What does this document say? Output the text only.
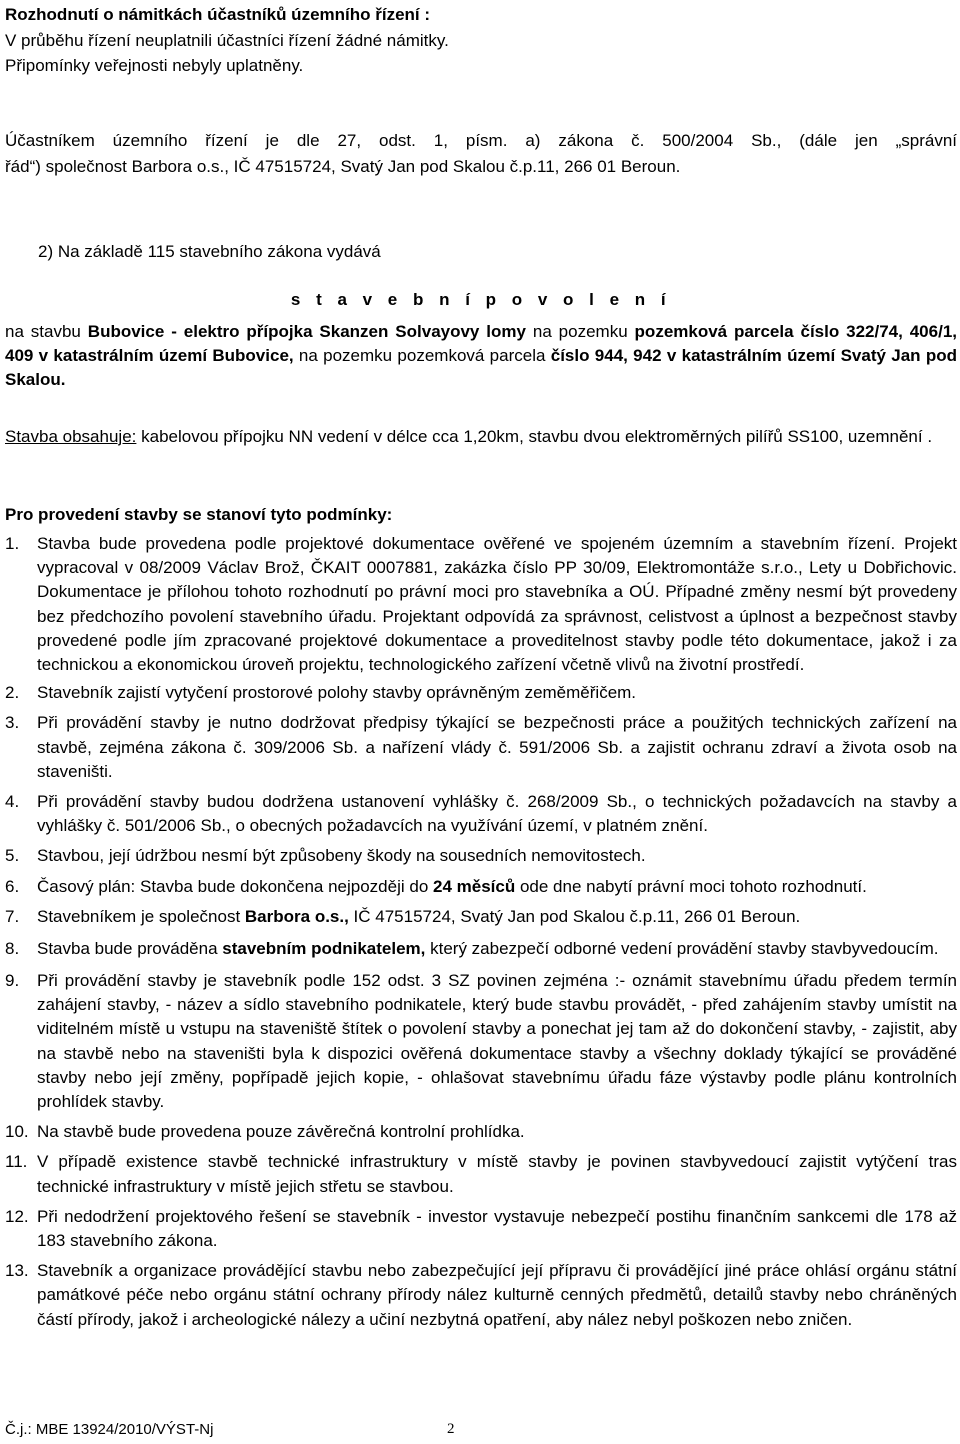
Rozhodnutí o námitkách účastníků územního řízení :

V průběhu řízení neuplatnili účastníci řízení žádné námitky.

Připomínky veřejnosti nebyly uplatněny.

Účastníkem územního řízení je dle 27, odst. 1, písm. a) zákona č. 500/2004 Sb., (dále jen „správní

řád“) společnost Barbora o.s., IČ 47515724, Svatý Jan pod Skalou č.p.11, 266 01 Beroun.

2) Na základě 115 stavebního zákona vydává

s t a v e b n í p o v o l e n í

na stavbu Bubovice - elektro přípojka Skanzen Solvayovy lomy na pozemku pozemková parcela číslo 322/74, 406/1, 409 v katastrálním území Bubovice, na pozemku pozemková parcela číslo 944, 942 v katastrálním území Svatý Jan pod Skalou.
Stavba obsahuje: kabelovou přípojku NN vedení v délce cca 1,20km, stavbu dvou elektroměrných pilířů SS100, uzemnění .

Pro provedení stavby se stanoví tyto podmínky:

1.	Stavba bude provedena podle projektové dokumentace ověřené ve spojeném územním a stavebním řízení. Projekt vypracoval v 08/2009 Václav Brož, ČKAIT 0007881, zakázka číslo PP 30/09, Elektromontáže s.r.o., Lety u Dobřichovic. Dokumentace je přílohou tohoto rozhodnutí po právní moci pro stavebníka a OÚ. Případné změny nesmí být provedeny bez předchozího povolení stavebního úřadu. Projektant odpovídá za správnost, celistvost a úplnost a bezpečnost stavby provedené podle jím zpracované projektové dokumentace a proveditelnost stavby podle této dokumentace, jakož i za technickou a ekonomickou úroveň projektu, technologického zařízení včetně vlivů na životní prostředí.
2.	Stavebník zajistí vytyčení prostorové polohy stavby oprávněným zeměměřičem.
3.	Při provádění stavby je nutno dodržovat předpisy týkající se bezpečnosti práce a použitých technických zařízení na stavbě, zejména zákona č. 309/2006 Sb. a nařízení vlády č. 591/2006 Sb. a zajistit ochranu zdraví a života osob na staveništi.
4.	Při provádění stavby budou dodržena ustanovení vyhlášky č. 268/2009 Sb., o technických požadavcích na stavby a vyhlášky č. 501/2006 Sb., o obecných požadavcích na využívání území, v platném znění.
5.	Stavbou, její údržbou nesmí být způsobeny škody na sousedních nemovitostech.
6.	Časový plán: Stavba bude dokončena nejpozději do 24 měsíců ode dne nabytí právní moci tohoto rozhodnutí.
7.	Stavebníkem je společnost Barbora o.s., IČ 47515724, Svatý Jan pod Skalou č.p.11, 266 01 Beroun.
8.	Stavba bude prováděna stavebním podnikatelem, který zabezpečí odborné vedení provádění stavby stavbyvedoucím.
9.	Při provádění stavby je stavebník podle 152 odst. 3 SZ povinen zejména :- oznámit stavebnímu úřadu předem termín zahájení stavby, - název a sídlo stavebního podnikatele, který bude stavbu provádět, - před zahájením stavby umístit na viditelném místě u vstupu na staveniště štítek o povolení stavby a ponechat jej tam až do dokončení stavby, - zajistit, aby na stavbě nebo na staveništi byla k dispozici ověřená dokumentace stavby a všechny doklady týkající se prováděné stavby nebo její změny, popřípadě jejich kopie, - ohlašovat stavebnímu úřadu fáze výstavby podle plánu kontrolních prohlídek stavby.
10. Na stavbě bude provedena pouze závěrečná kontrolní prohlídka.
11. V případě existence stavbě technické infrastruktury v místě stavby je povinen stavbyvedoucí zajistit vytýčení tras technické infrastruktury v místě jejich střetu se stavbou.
12. Při nedodržení projektového řešení se stavebník - investor vystavuje nebezpečí postihu finančním sankcemi dle 178 až 183 stavebního zákona.
13. Stavebník a organizace provádějící stavbu nebo zabezpečující její přípravu či provádějící jiné práce ohlásí orgánu státní památkové péče nebo orgánu státní ochrany přírody nález kulturně cenných předmětů, detailů stavby nebo chráněných částí přírody, jakož i archeologické nálezy a učiní nezbytná opatření, aby nález nebyl poškozen nebo zničen.
Č.j.: MBE 13924/2010/VÝST-Nj	2
